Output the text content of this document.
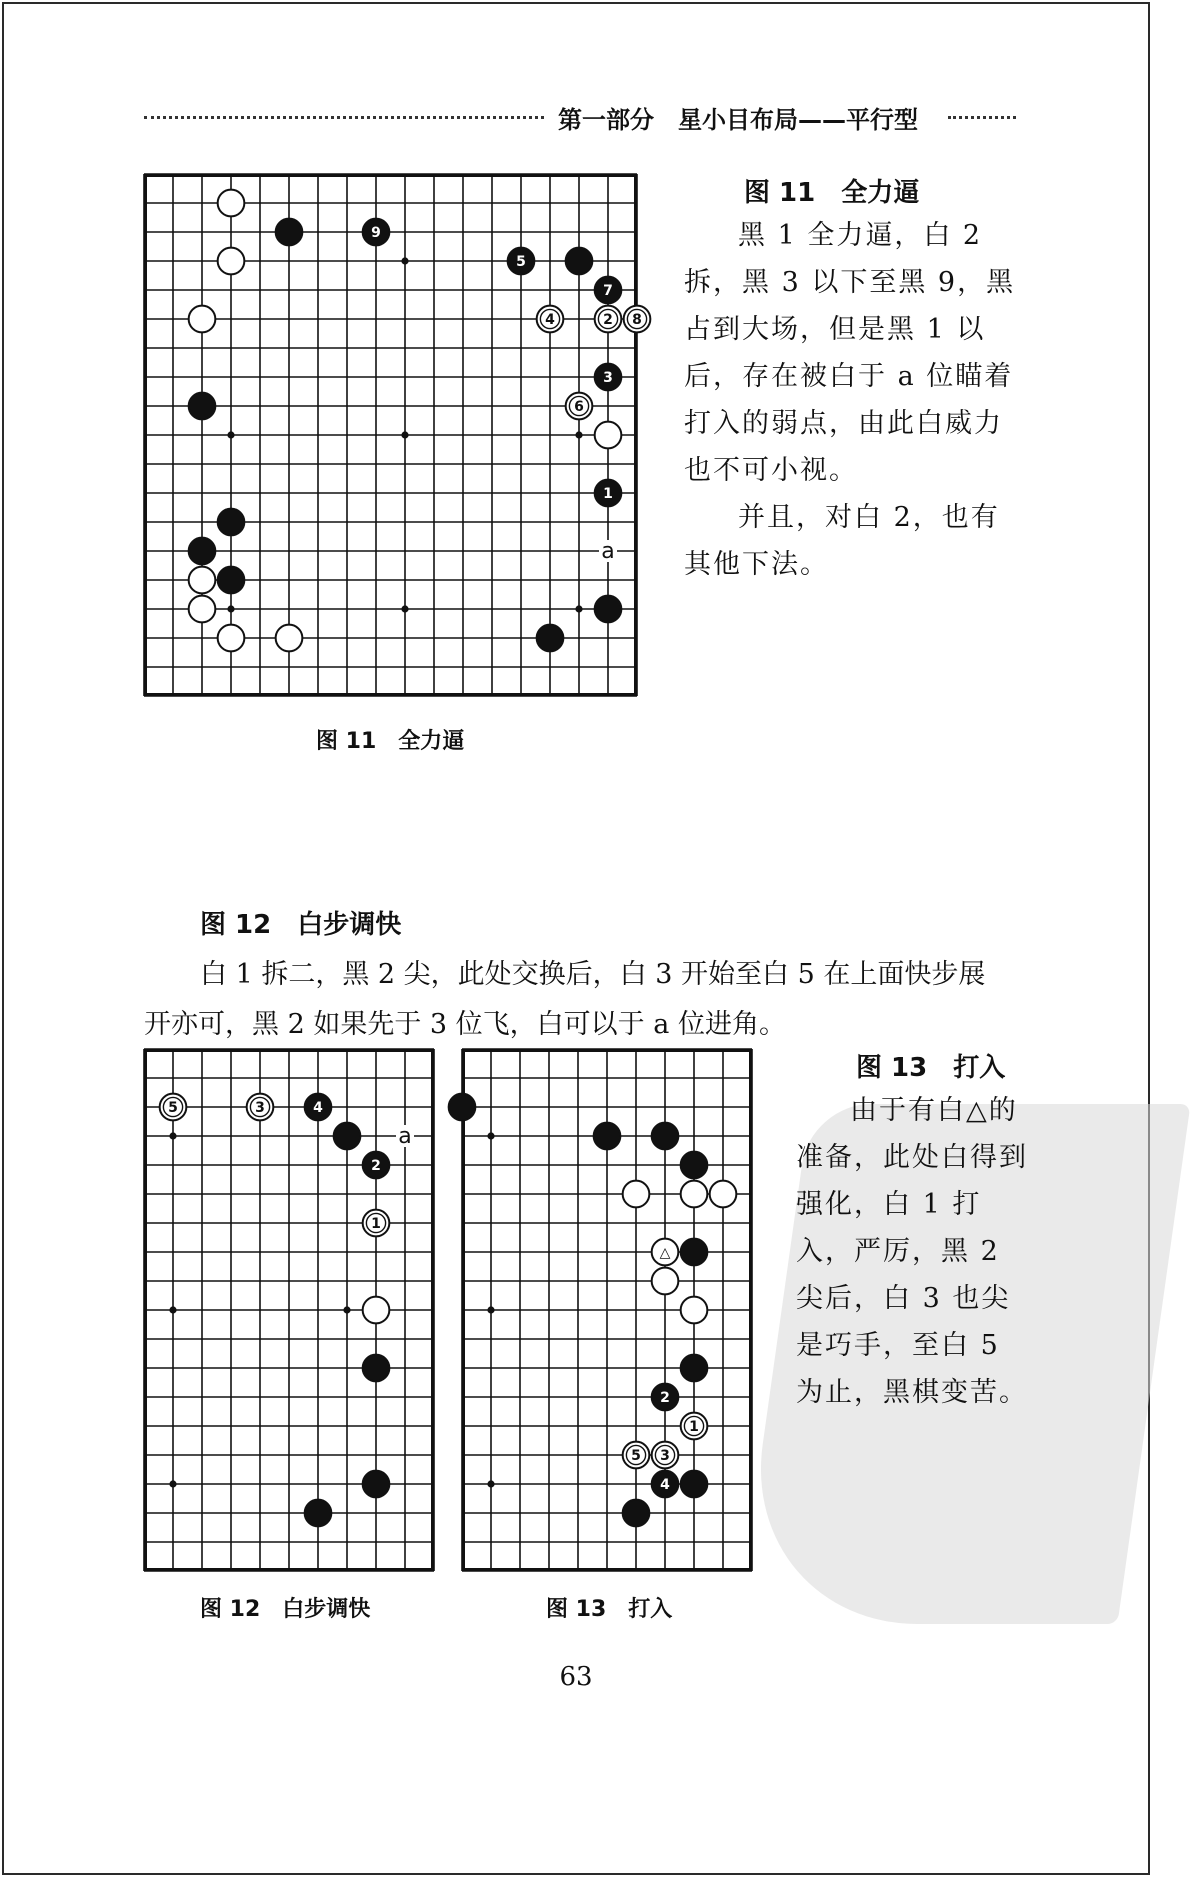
第一部分　星小目布局——平行型
9
5
7
4	2 8
3
6
1
a
图 11　全力逼
图 11　全力逼

黑 1 全力逼，白 2 拆，黑 3 以下至黑 9，黑占到大场，但是黑 1 以后，存在被白于 a 位瞄着打入的弱点，由此白威力也不可小视。

并且，对白 2，也有其他下法。

图 12　白步调快
白 1 拆二，黑 2 尖，此处交换后，白 3 开始至白 5 在上面快步展
开亦可，黑 2 如果先于 3 位飞，白可以于 a 位进角。
5	3	4
2
1
a
图 12　白步调快
△
2
1
5 3
4
图 13　打入
图 13　打入

由于有白△的准备，此处白得到强化，白 1 打入，严厉，黑 2 尖后，白 3 也尖是巧手，至白 5 为止，黑棋变苦。

63
